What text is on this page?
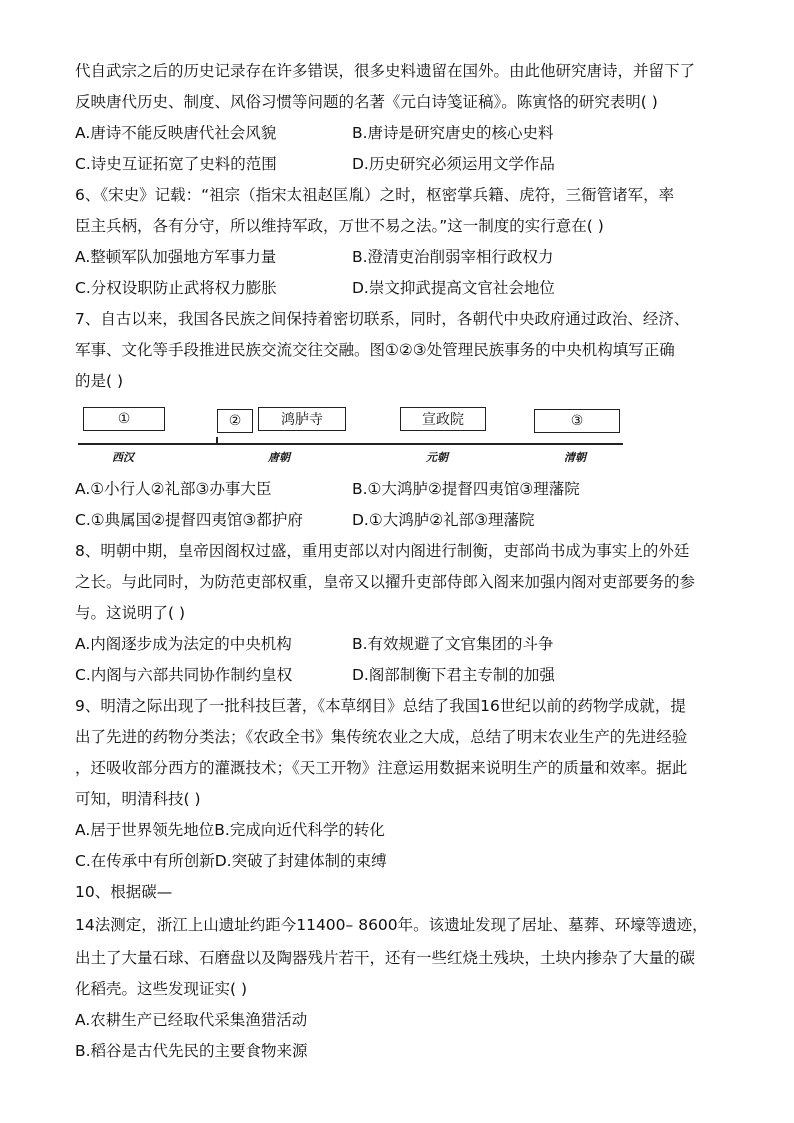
代自武宗之后的历史记录存在许多错误，很多史料遗留在国外。由此他研究唐诗，并留下了
反映唐代历史、制度、风俗习惯等问题的名著《元白诗笺证稿》。陈寅恪的研究表明( )
A.唐诗不能反映唐代社会风貌	B.唐诗是研究唐史的核心史料
C.诗史互证拓宽了史料的范围	D.历史研究必须运用文学作品
6、《宋史》记载：“祖宗（指宋太祖赵匡胤）之时，枢密掌兵籍、虎符，三衙管诸军，率
臣主兵柄，各有分守，所以维持军政，万世不易之法。”这一制度的实行意在( )
A.整顿军队加强地方军事力量	B.澄清吏治削弱宰相行政权力
C.分权设职防止武将权力膨胀	D.崇文抑武提高文官社会地位
7、自古以来，我国各民族之间保持着密切联系，同时，各朝代中央政府通过政治、经济、
军事、文化等手段推进民族交流交往交融。图①②③处管理民族事务的中央机构填写正确
的是( )
①	②	鸿胪寺	宣政院	③
西汉	唐朝	元朝	清朝
A.①小行人②礼部③办事大臣	B.①大鸿胪②提督四夷馆③理藩院
C.①典属国②提督四夷馆③都护府	D.①大鸿胪②礼部③理藩院
8、明朝中期，皇帝因阁权过盛，重用吏部以对内阁进行制衡，吏部尚书成为事实上的外廷
之长。与此同时，为防范吏部权重，皇帝又以擢升吏部侍郎入阁来加强内阁对吏部要务的参
与。这说明了( )
A.内阁逐步成为法定的中央机构	B.有效规避了文官集团的斗争
C.内阁与六部共同协作制约皇权	D.阁部制衡下君主专制的加强
9、明清之际出现了一批科技巨著，《本草纲目》总结了我国16世纪以前的药物学成就，提
出了先进的药物分类法；《农政全书》集传统农业之大成，总结了明末农业生产的先进经验
，还吸收部分西方的灌溉技术；《天工开物》注意运用数据来说明生产的质量和效率。据此
可知，明清科技( )
A.居于世界领先地位B.完成向近代科学的转化
C.在传承中有所创新D.突破了封建体制的束缚
10、根据碳—
14法测定，浙江上山遗址约距今11400– 8600年。该遗址发现了居址、墓葬、环壕等遗迹，
出土了大量石球、石磨盘以及陶器残片若干，还有一些红烧土残块，土块内掺杂了大量的碳
化稻壳。这些发现证实( )
A.农耕生产已经取代采集渔猎活动
B.稻谷是古代先民的主要食物来源
